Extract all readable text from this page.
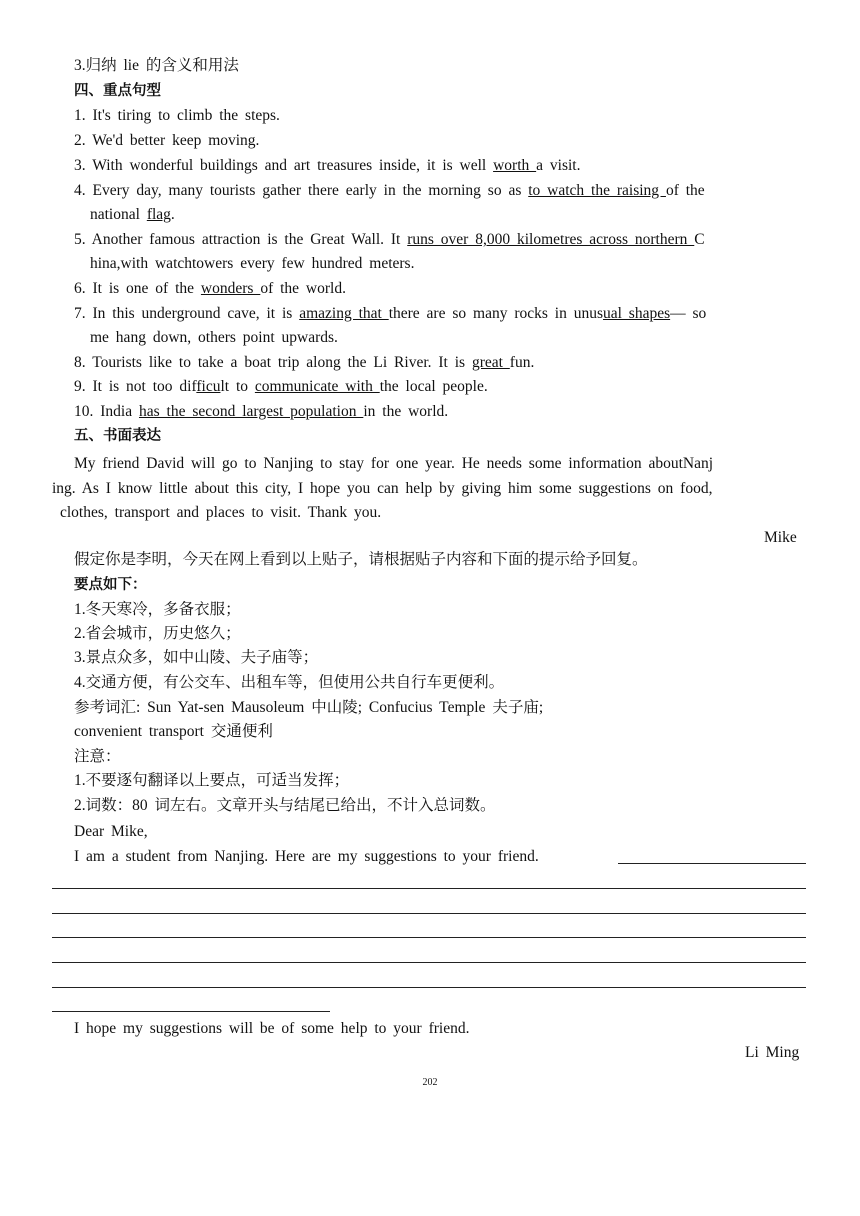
3.归纳 lie 的含义和用法
四、重点句型
1. It's tiring to climb the steps.
2. We'd better keep moving.
3. With wonderful buildings and art treasures inside, it is well worth a visit.
4. Every day, many tourists gather there early in the morning so as to watch the raising of the
national flag.
5. Another famous attraction is the Great Wall. It runs over 8,000 kilometres across northern C
hina,with watchtowers every few hundred meters.
6. It is one of the wonders of the world.
7. In this underground cave, it is amazing that there are so many rocks in unusual shapes— so
me hang down, others point upwards.
8. Tourists like to take a boat trip along the Li River. It is great fun.
9. It is not too difficult to communicate with the local people.
10. India has the second largest population in the world.
五、书面表达
My friend David will go to Nanjing to stay for one year. He needs some information aboutNanj
ing. As I know little about this city, I hope you can help by giving him some suggestions on food,
clothes, transport and places to visit. Thank you.
Mike
假定你是李明，今天在网上看到以上贴子，请根据贴子内容和下面的提示给予回复。
要点如下：
1.冬天寒冷，多备衣服；
2.省会城市，历史悠久；
3.景点众多，如中山陵、夫子庙等；
4.交通方便，有公交车、出租车等，但使用公共自行车更便利。
参考词汇: Sun Yat-sen Mausoleum 中山陵; Confucius Temple 夫子庙;
convenient transport 交通便利
注意：
1.不要逐句翻译以上要点，可适当发挥；
2.词数：80 词左右。文章开头与结尾已给出，不计入总词数。
Dear Mike,
I am a student from Nanjing. Here are my suggestions to your friend.
I hope my suggestions will be of some help to your friend.
Li Ming
202
